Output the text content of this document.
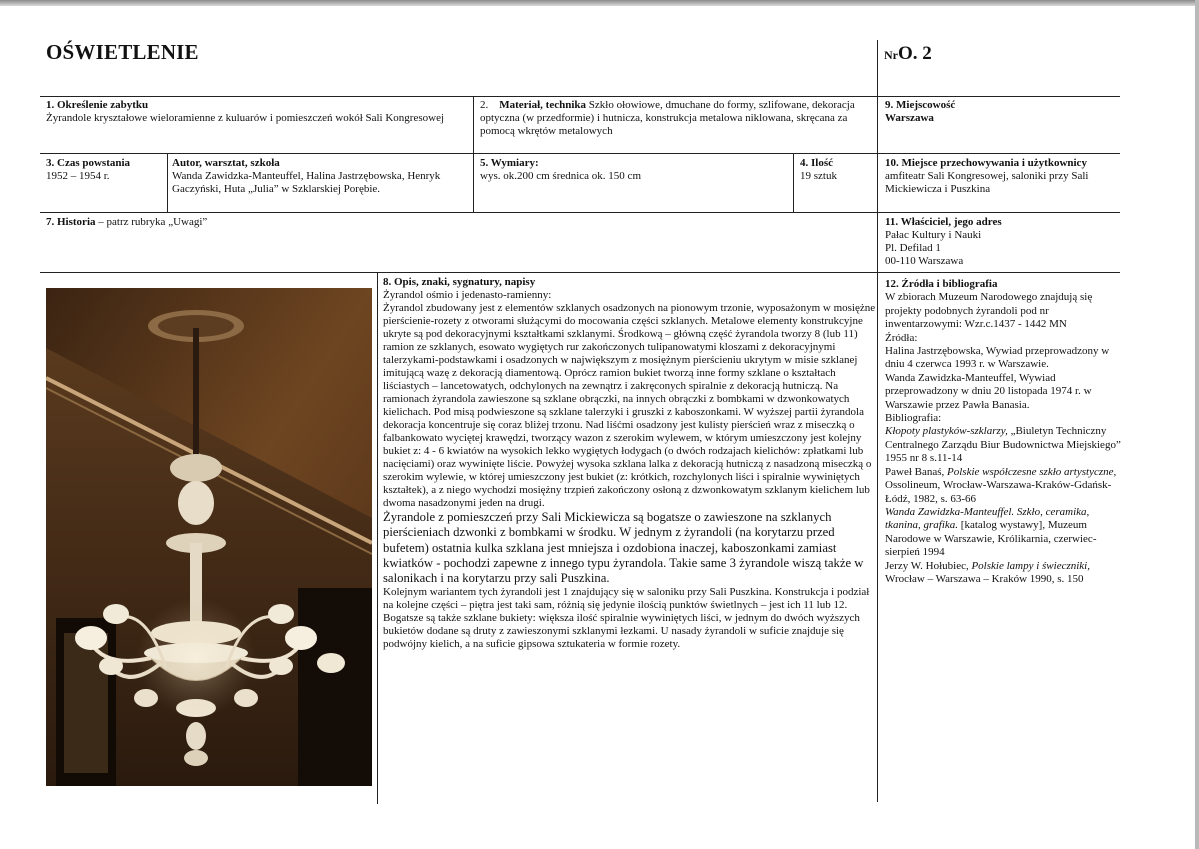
OŚWIETLENIE	NrO. 2
1. Określenie zabytku
Żyrandole kryształowe wieloramienne z kuluarów i pomieszczeń wokół Sali Kongresowej
2. Materiał, technika Szkło ołowiowe, dmuchane do formy, szlifowane, dekoracja optyczna (w przedformie) i hutnicza, konstrukcja metalowa niklowana, skręcana za pomocą wkrętów metalowych
9. Miejscowość
Warszawa
3. Czas powstania
1952 – 1954 r.
Autor, warsztat, szkoła
Wanda Zawidzka-Manteuffel, Halina Jastrzębowska, Henryk Gaczyński, Huta „Julia” w Szklarskiej Porębie.
5. Wymiary:
wys. ok.200 cm średnica ok. 150 cm
4. Ilość
19 sztuk
10. Miejsce przechowywania i użytkownicy amfiteatr Sali Kongresowej, saloniki przy Sali Mickiewicza i Puszkina
7. Historia – patrz rubryka „Uwagi”	11. Właściciel, jego adres
Pałac Kultury i Nauki
Pl. Defilad 1
00-110 Warszawa

8. Opis, znaki, sygnatury, napisy

Żyrandol ośmio i jedenasto-ramienny:

Żyrandol zbudowany jest z elementów szklanych osadzonych na pionowym trzonie, wyposażonym w mosiężne pierścienie-rozety z otworami służącymi do mocowania części szklanych. Metalowe elementy konstrukcyjne ukryte są pod dekoracyjnymi kształtkami szklanymi. Środkową – główną część żyrandola tworzy 8 (lub 11) ramion ze szklanych, esowato wygiętych rur zakończonych tulipanowatymi kloszami z dekoracyjnymi talerzykami-podstawkami i osadzonych w największym z mosiężnym pierścieniu ukrytym w misie szklanej imitującą wazę z dekoracją diamentową. Oprócz ramion bukiet tworzą inne formy szklane o kształtach liściastych – lancetowatych, odchylonych na zewnątrz i zakręconych spiralnie z dekoracją hutniczą. Na ramionach żyrandola zawieszone są szklane obrączki, na innych obrączki z bombkami w dzwonkowatych kielichach. Pod misą podwieszone są szklane talerzyki i gruszki z kaboszonkami. W wyższej partii żyrandola dekoracja koncentruje się coraz bliżej trzonu. Nad liśćmi osadzony jest kulisty pierścień wraz z miseczką o falbankowato wyciętej krawędzi, tworzący wazon z szerokim wylewem, w którym umieszczony jest kolejny bukiet z: 4 - 6 kwiatów na wysokich lekko wygiętych łodygach (o dwóch rodzajach kielichów: zpłatkami lub nacięciami) oraz wywinięte liście. Powyżej wysoka szklana lalka z dekoracją hutniczą z nasadzoną miseczką o szerokim wylewie, w której umieszczony jest bukiet (z: krótkich, rozchylonych liści i spiralnie wywiniętych kształtek), a z niego wychodzi mosiężny trzpień zakończony osłoną z dzwonkowatym szklanym kielichem lub dwoma nasadzonymi jeden na drugi.

Żyrandole z pomieszczeń przy Sali Mickiewicza są bogatsze o zawieszone na szklanych pierścieniach dzwonki z bombkami w środku. W jednym z żyrandoli (na korytarzu przed bufetem) ostatnia kulka szklana jest mniejsza i ozdobiona inaczej, kaboszonkami zamiast kwiatków - pochodzi zapewne z innego typu żyrandola. Takie same 3 żyrandole wiszą także w salonikach i na korytarzu przy sali Puszkina.

Kolejnym wariantem tych żyrandoli jest 1 znajdujący się w saloniku przy Sali Puszkina. Konstrukcja i podział na kolejne części – piętra jest taki sam, różnią się jedynie ilością punktów świetlnych – jest ich 11 lub 12. Bogatsze są także szklane bukiety: większa ilość spiralnie wywiniętych liści, w jednym do dwóch wyższych bukietów dodane są druty z zawieszonymi szklanymi łezkami. U nasady żyrandoli w suficie znajduje się podwójny kielich, a na suficie gipsowa sztukateria w formie rozety.

12. Źródła i bibliografia

W zbiorach Muzeum Narodowego znajdują się projekty podobnych żyrandoli pod nr inwentarzowymi: Wzr.c.1437 - 1442 MN

Źródła:

Halina Jastrzębowska, Wywiad przeprowadzony w dniu 4 czerwca 1993 r. w Warszawie.

Wanda Zawidzka-Manteuffel, Wywiad przeprowadzony w dniu 20 listopada 1974 r. w Warszawie przez Pawła Banasia.

Bibliografia:

Kłopoty plastyków-szklarzy, „Biuletyn Techniczny Centralnego Zarządu Biur Budownictwa Miejskiego” 1955 nr 8 s.11-14

Paweł Banaś, Polskie współczesne szkło artystyczne, Ossolineum, Wrocław-Warszawa-Kraków-Gdańsk-Łódź, 1982, s. 63-66

Wanda Zawidzka-Manteuffel. Szkło, ceramika, tkanina, grafika. [katalog wystawy], Muzeum Narodowe w Warszawie, Królikarnia, czerwiec-sierpień 1994

Jerzy W. Hołubiec, Polskie lampy i świeczniki, Wrocław – Warszawa – Kraków 1990, s. 150
